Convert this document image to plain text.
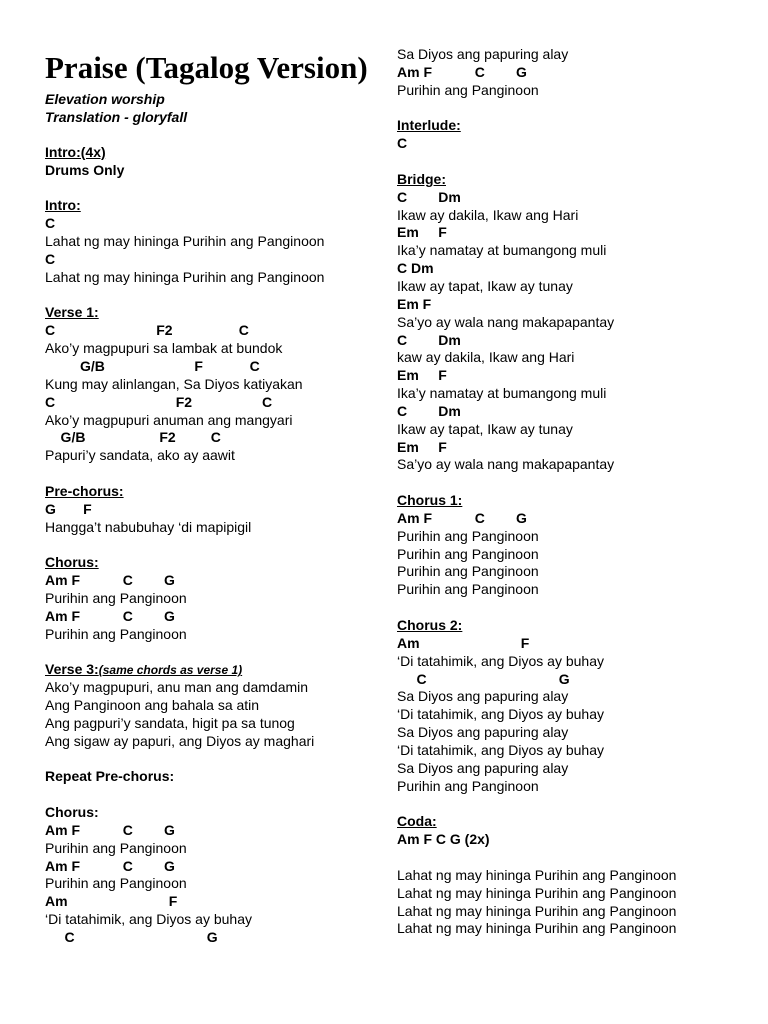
Praise (Tagalog Version)
Elevation worship
Translation - gloryfall
Intro:(4x)
Drums Only
Intro:
C
Lahat ng may hininga Purihin ang Panginoon
C
Lahat ng may hininga Purihin ang Panginoon
Verse 1:
C                          F2                 C
Ako’y magpupuri sa lambak at bundok
G/B                       F            C
Kung may alinlangan, Sa Diyos katiyakan
C                               F2                  C
Ako’y magpupuri anuman ang mangyari
G/B                   F2         C
Papuri’y sandata, ako ay aawit
Pre-chorus:
G       F
Hangga’t nabubuhay ‘di mapipigil
Chorus:
Am F           C        G
Purihin ang Panginoon
Am F           C        G
Purihin ang Panginoon
Verse 3:(same chords as verse 1)
Ako’y magpupuri, anu man ang damdamin
Ang Panginoon ang bahala sa atin
Ang pagpuri’y sandata, higit pa sa tunog
Ang sigaw ay papuri, ang Diyos ay maghari
Repeat Pre-chorus:
Chorus:
Am F           C        G
Purihin ang Panginoon
Am F           C        G
Purihin ang Panginoon
Am                          F
‘Di tatahimik, ang Diyos ay buhay
C                                  G
Sa Diyos ang papuring alay
Am F           C        G
Purihin ang Panginoon
Interlude:
C
Bridge:
C        Dm
Ikaw ay dakila, Ikaw ang Hari
Em     F
Ika’y namatay at bumangong muli
C Dm
Ikaw ay tapat, Ikaw ay tunay
Em F
Sa’yo ay wala nang makapapantay
C        Dm
kaw ay dakila, Ikaw ang Hari
Em     F
Ika’y namatay at bumangong muli
C        Dm
Ikaw ay tapat, Ikaw ay tunay
Em     F
Sa’yo ay wala nang makapapantay
Chorus 1:
Am F           C        G
Purihin ang Panginoon
Purihin ang Panginoon
Purihin ang Panginoon
Purihin ang Panginoon
Chorus 2:
Am                          F
‘Di tatahimik, ang Diyos ay buhay
C                                  G
Sa Diyos ang papuring alay
‘Di tatahimik, ang Diyos ay buhay
Sa Diyos ang papuring alay
‘Di tatahimik, ang Diyos ay buhay
Sa Diyos ang papuring alay
Purihin ang Panginoon
Coda:
Am F C G (2x)
Lahat ng may hininga Purihin ang Panginoon
Lahat ng may hininga Purihin ang Panginoon
Lahat ng may hininga Purihin ang Panginoon
Lahat ng may hininga Purihin ang Panginoon
